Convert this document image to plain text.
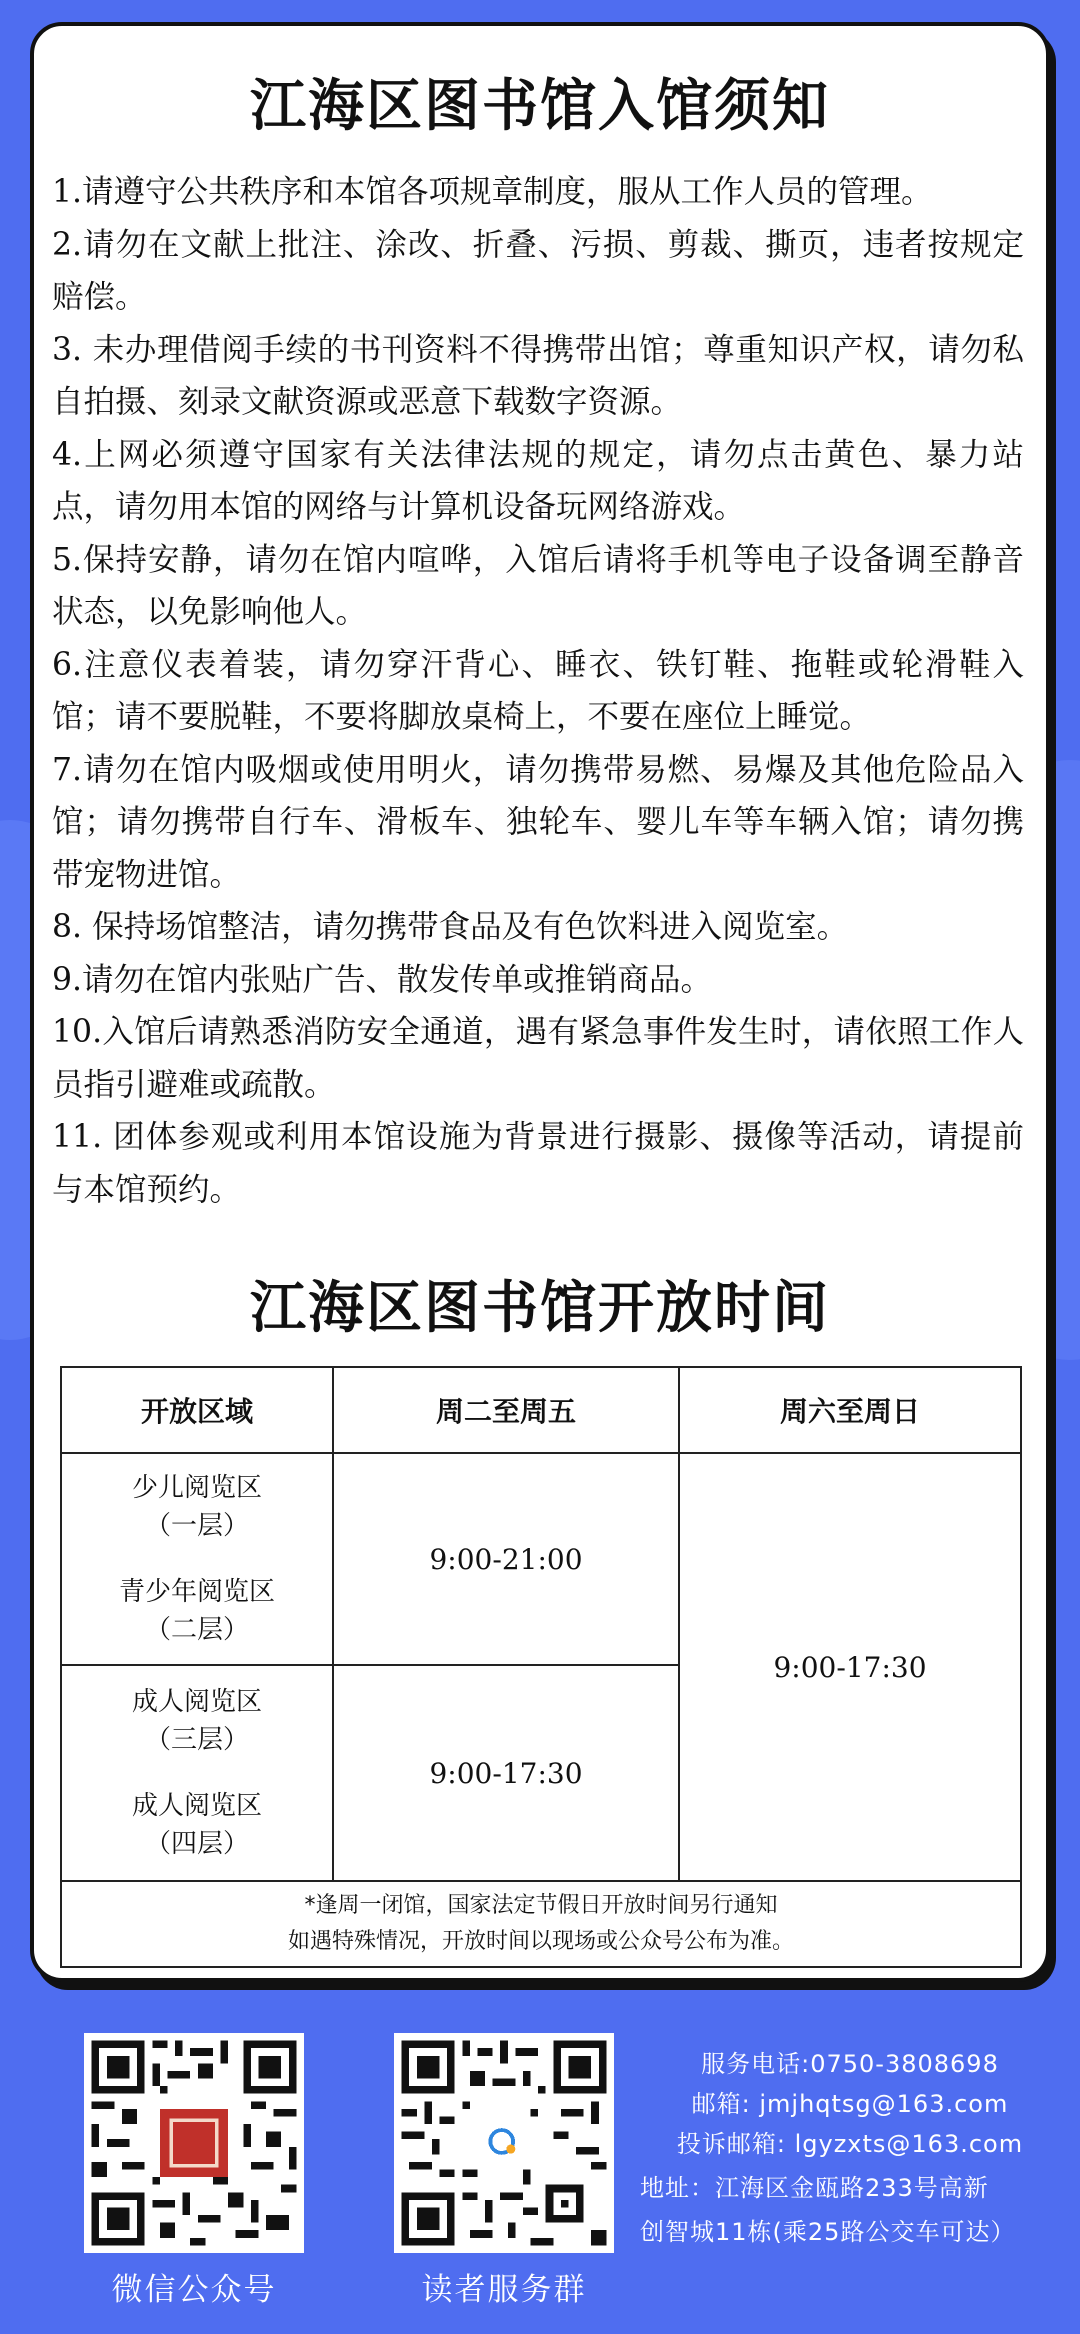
江海区图书馆入馆须知

1.请遵守公共秩序和本馆各项规章制度，服从工作人员的管理。

2.请勿在文献上批注、涂改、折叠、污损、剪裁、撕页，违者按规定赔偿。

3. 未办理借阅手续的书刊资料不得携带出馆；尊重知识产权，请勿私自拍摄、刻录文献资源或恶意下载数字资源。

4.上网必须遵守国家有关法律法规的规定，请勿点击黄色、暴力站点，请勿用本馆的网络与计算机设备玩网络游戏。

5.保持安静，请勿在馆内喧哗，入馆后请将手机等电子设备调至静音状态，以免影响他人。

6.注意仪表着装，请勿穿汗背心、睡衣、铁钉鞋、拖鞋或轮滑鞋入馆；请不要脱鞋，不要将脚放桌椅上，不要在座位上睡觉。

7.请勿在馆内吸烟或使用明火，请勿携带易燃、易爆及其他危险品入馆；请勿携带自行车、滑板车、独轮车、婴儿车等车辆入馆；请勿携带宠物进馆。

8. 保持场馆整洁，请勿携带食品及有色饮料进入阅览室。

9.请勿在馆内张贴广告、散发传单或推销商品。

10.入馆后请熟悉消防安全通道，遇有紧急事件发生时，请依照工作人员指引避难或疏散。

11. 团体参观或利用本馆设施为背景进行摄影、摄像等活动，请提前与本馆预约。

江海区图书馆开放时间
开放区域	周二至周五	周六至周日

少儿阅览区
（一层）
青少年阅览区
（二层）	9:00-21:00	9:00-17:30

成人阅览区
（三层）
成人阅览区
（四层）	9:00-17:30	

*逢周一闭馆，国家法定节假日开放时间另行通知
如遇特殊情况，开放时间以现场或公众号公布为准。		
微信公众号	读者服务群
服务电话:0750-3808698
邮箱: jmjhqtsg@163.com
投诉邮箱: lgyzxts@163.com
地址：江海区金瓯路233号高新
创智城11栋(乘25路公交车可达）
